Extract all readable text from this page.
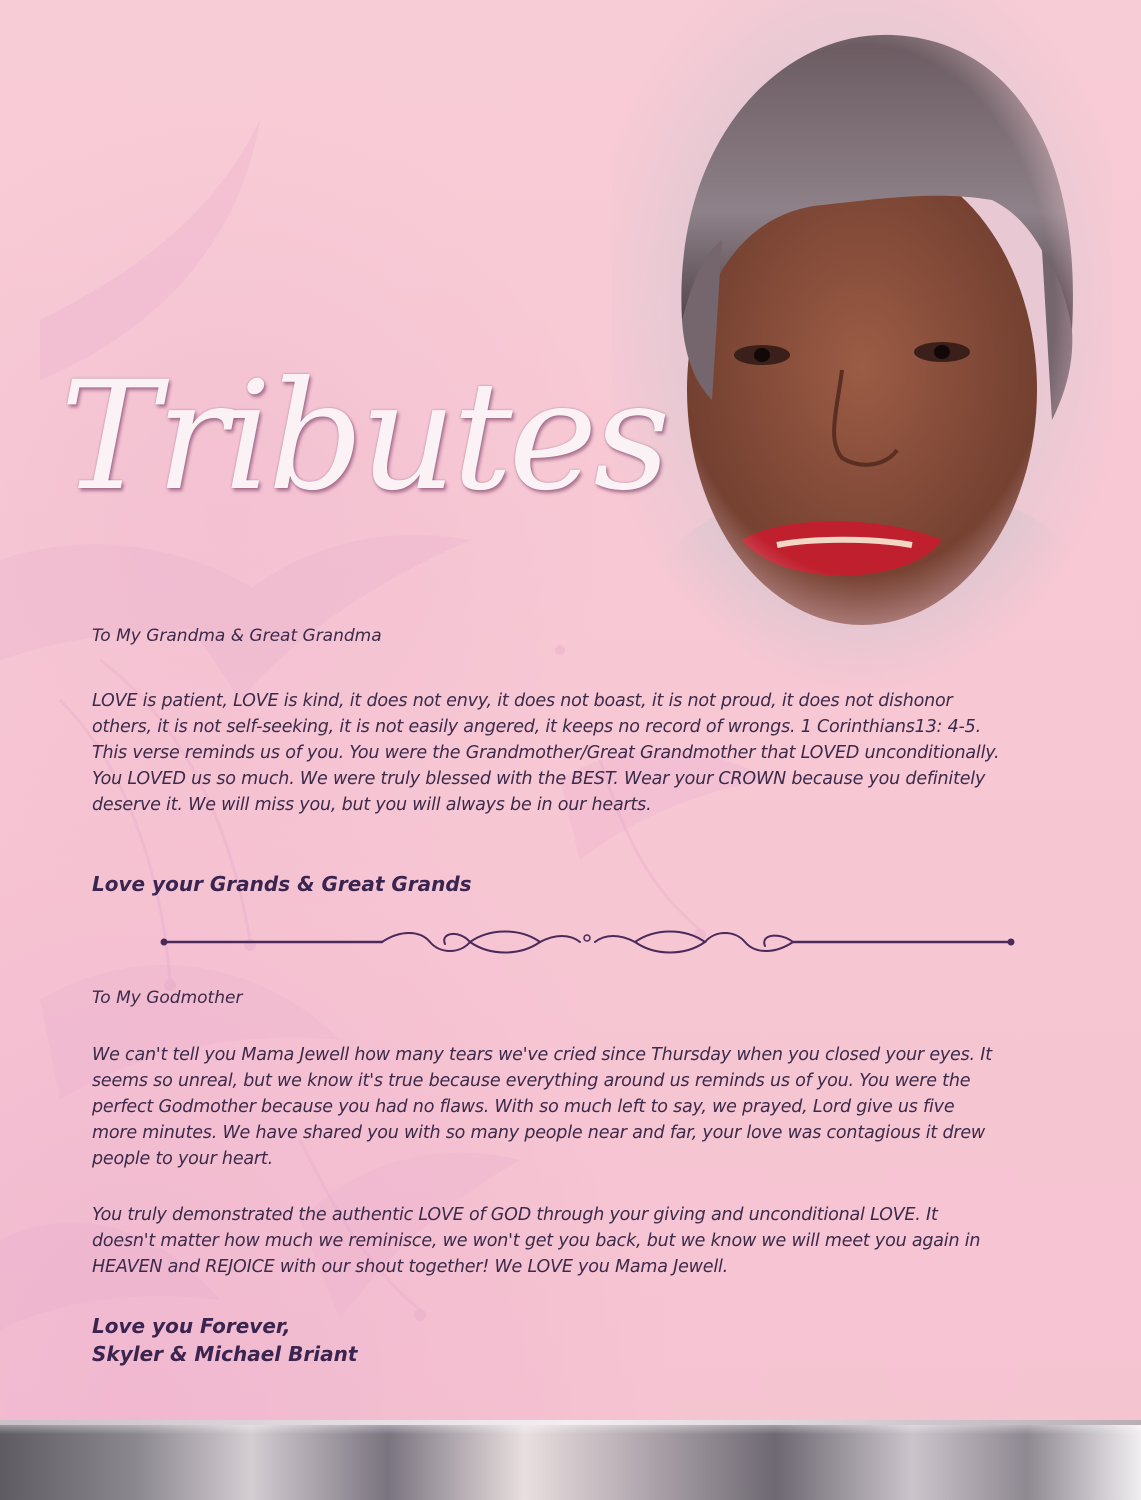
Tributes

To My Grandma & Great Grandma

LOVE is patient, LOVE is kind, it does not envy, it does not boast, it is not proud, it does not dishonor
others, it is not self-seeking, it is not easily angered, it keeps no record of wrongs. 1 Corinthians13: 4-5.
This verse reminds us of you. You were the Grandmother/Great Grandmother that LOVED unconditionally.
You LOVED us so much. We were truly blessed with the BEST. Wear your CROWN because you definitely
deserve it. We will miss you, but you will always be in our hearts.

Love your Grands & Great Grands

To My Godmother

We can't tell you Mama Jewell how many tears we've cried since Thursday when you closed your eyes. It
seems so unreal, but we know it's true because everything around us reminds us of you. You were the
perfect Godmother because you had no flaws. With so much left to say, we prayed, Lord give us five
more minutes. We have shared you with so many people near and far, your love was contagious it drew
people to your heart.
You truly demonstrated the authentic LOVE of GOD through your giving and unconditional LOVE. It
doesn't matter how much we reminisce, we won't get you back, but we know we will meet you again in
HEAVEN and REJOICE with our shout together! We LOVE you Mama Jewell.
Love you Forever,
Skyler & Michael Briant
